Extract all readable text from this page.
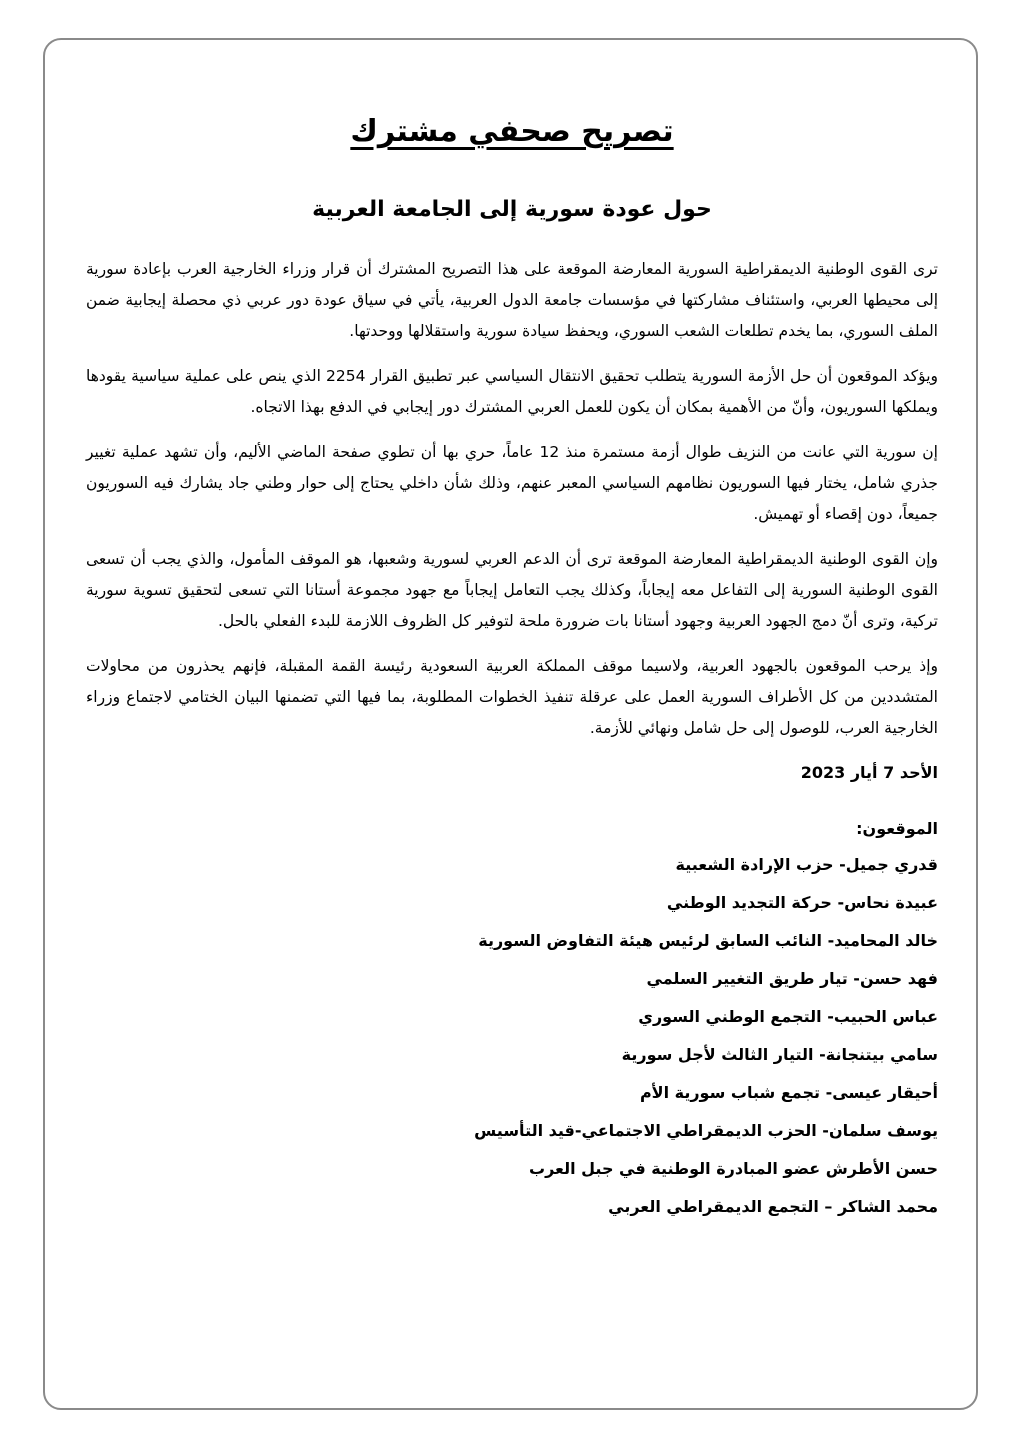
تصريح صحفي مشترك
حول عودة سورية إلى الجامعة العربية

ترى القوى الوطنية الديمقراطية السورية المعارضة الموقعة على هذا التصريح المشترك أن قرار وزراء الخارجية العرب بإعادة سورية إلى محيطها العربي، واستئناف مشاركتها في مؤسسات جامعة الدول العربية، يأتي في سياق عودة دور عربي ذي محصلة إيجابية ضمن الملف السوري، بما يخدم تطلعات الشعب السوري، ويحفظ سيادة سورية واستقلالها ووحدتها.

ويؤكد الموقعون أن حل الأزمة السورية يتطلب تحقيق الانتقال السياسي عبر تطبيق القرار 2254 الذي ينص على عملية سياسية يقودها ويملكها السوريون، وأنّ من الأهمية بمكان أن يكون للعمل العربي المشترك دور إيجابي في الدفع بهذا الاتجاه.

إن سورية التي عانت من النزيف طوال أزمة مستمرة منذ 12 عاماً، حري بها أن تطوي صفحة الماضي الأليم، وأن تشهد عملية تغيير جذري شامل، يختار فيها السوريون نظامهم السياسي المعبر عنهم، وذلك شأن داخلي يحتاج إلى حوار وطني جاد يشارك فيه السوريون جميعاً، دون إقصاء أو تهميش.

وإن القوى الوطنية الديمقراطية المعارضة الموقعة ترى أن الدعم العربي لسورية وشعبها، هو الموقف المأمول، والذي يجب أن تسعى القوى الوطنية السورية إلى التفاعل معه إيجاباً، وكذلك يجب التعامل إيجاباً مع جهود مجموعة أستانا التي تسعى لتحقيق تسوية سورية تركية، وترى أنّ دمج الجهود العربية وجهود أستانا بات ضرورة ملحة لتوفير كل الظروف اللازمة للبدء الفعلي بالحل.

وإذ يرحب الموقعون بالجهود العربية، ولاسيما موقف المملكة العربية السعودية رئيسة القمة المقبلة، فإنهم يحذرون من محاولات المتشددين من كل الأطراف السورية العمل على عرقلة تنفيذ الخطوات المطلوبة، بما فيها التي تضمنها البيان الختامي لاجتماع وزراء الخارجية العرب، للوصول إلى حل شامل ونهائي للأزمة.

الأحد 7 أيار 2023
الموقعون:
قدري جميل- حزب الإرادة الشعبية
عبيدة نحاس- حركة التجديد الوطني
خالد المحاميد- النائب السابق لرئيس هيئة التفاوض السورية
فهد حسن- تيار طريق التغيير السلمي
عباس الحبيب- التجمع الوطني السوري
سامي بيتنجانة- التيار الثالث لأجل سورية
أحيقار عيسى- تجمع شباب سورية الأم
يوسف سلمان- الحزب الديمقراطي الاجتماعي-قيد التأسيس
حسن الأطرش عضو المبادرة الوطنية في جبل العرب
محمد الشاكر – التجمع الديمقراطي العربي
